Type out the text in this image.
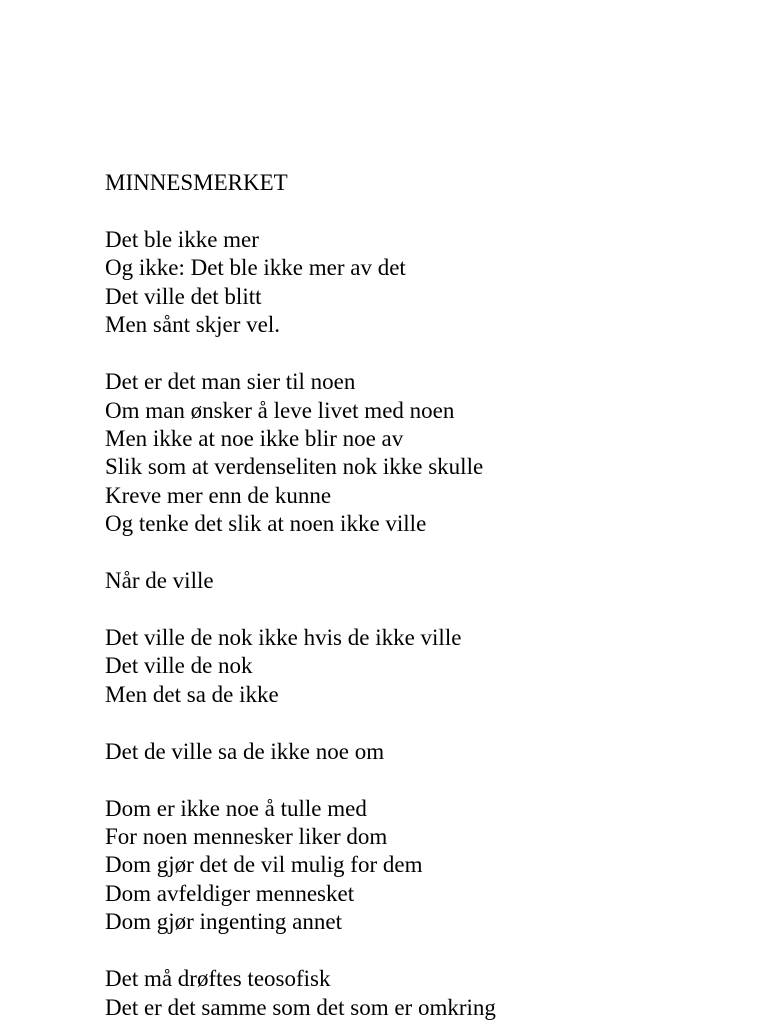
MINNESMERKET
Det ble ikke mer
Og ikke: Det ble ikke mer av det
Det ville det blitt
Men sånt skjer vel.
Det er det man sier til noen
Om man ønsker å leve livet med noen
Men ikke at noe ikke blir noe av
Slik som at verdenseliten nok ikke skulle
Kreve mer enn de kunne
Og tenke det slik at noen ikke ville
Når de ville
Det ville de nok ikke hvis de ikke ville
Det ville de nok
Men det sa de ikke
Det de ville sa de ikke noe om
Dom er ikke noe å tulle med
For noen mennesker liker dom
Dom gjør det de vil mulig for dem
Dom avfeldiger mennesket
Dom gjør ingenting annet
Det må drøftes teosofisk
Det er det samme som det som er omkring
